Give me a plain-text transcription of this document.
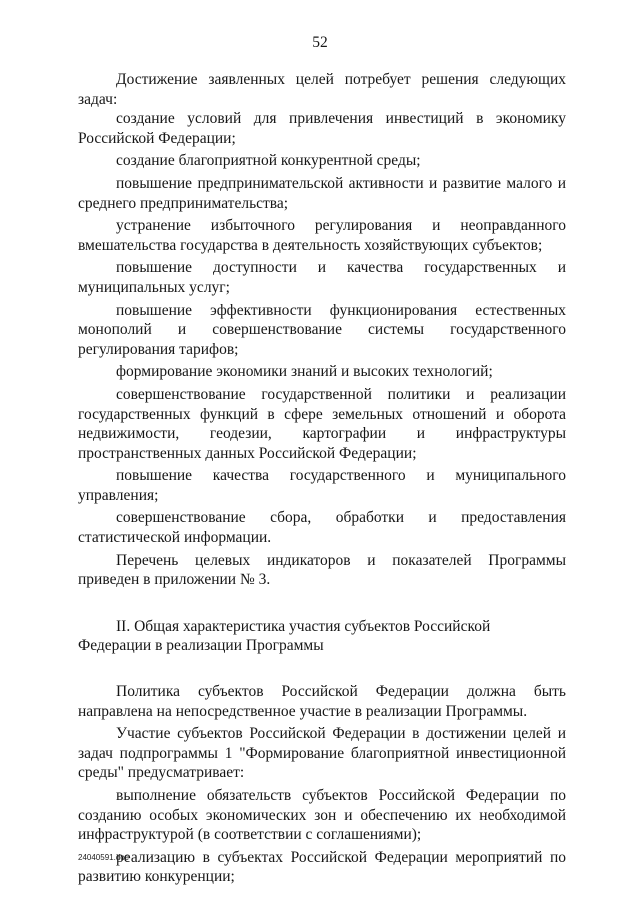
52

Достижение заявленных целей потребует решения следующих задач:

создание условий для привлечения инвестиций в экономику Российской Федерации;

создание благоприятной конкурентной среды;

повышение предпринимательской активности и развитие малого и среднего предпринимательства;

устранение избыточного регулирования и неоправданного вмешательства государства в деятельность хозяйствующих субъектов;

повышение доступности и качества государственных и муниципальных услуг;

повышение эффективности функционирования естественных монополий и совершенствование системы государственного регулирования тарифов;

формирование экономики знаний и высоких технологий;

совершенствование государственной политики и реализации государственных функций в сфере земельных отношений и оборота недвижимости, геодезии, картографии и инфраструктуры пространственных данных Российской Федерации;

повышение качества государственного и муниципального управления;

совершенствование сбора, обработки и предоставления статистической информации.

Перечень целевых индикаторов и показателей Программы приведен в приложении № 3.

II. Общая характеристика участия субъектов Российской Федерации в реализации Программы

Политика субъектов Российской Федерации должна быть направлена на непосредственное участие в реализации Программы.

Участие субъектов Российской Федерации в достижении целей и задач подпрограммы 1 "Формирование благоприятной инвестиционной среды" предусматривает:

выполнение обязательств субъектов Российской Федерации по созданию особых экономических зон и обеспечению их необходимой инфраструктурой (в соответствии с соглашениями);

реализацию в субъектах Российской Федерации мероприятий по развитию конкуренции;

24040591.doc
